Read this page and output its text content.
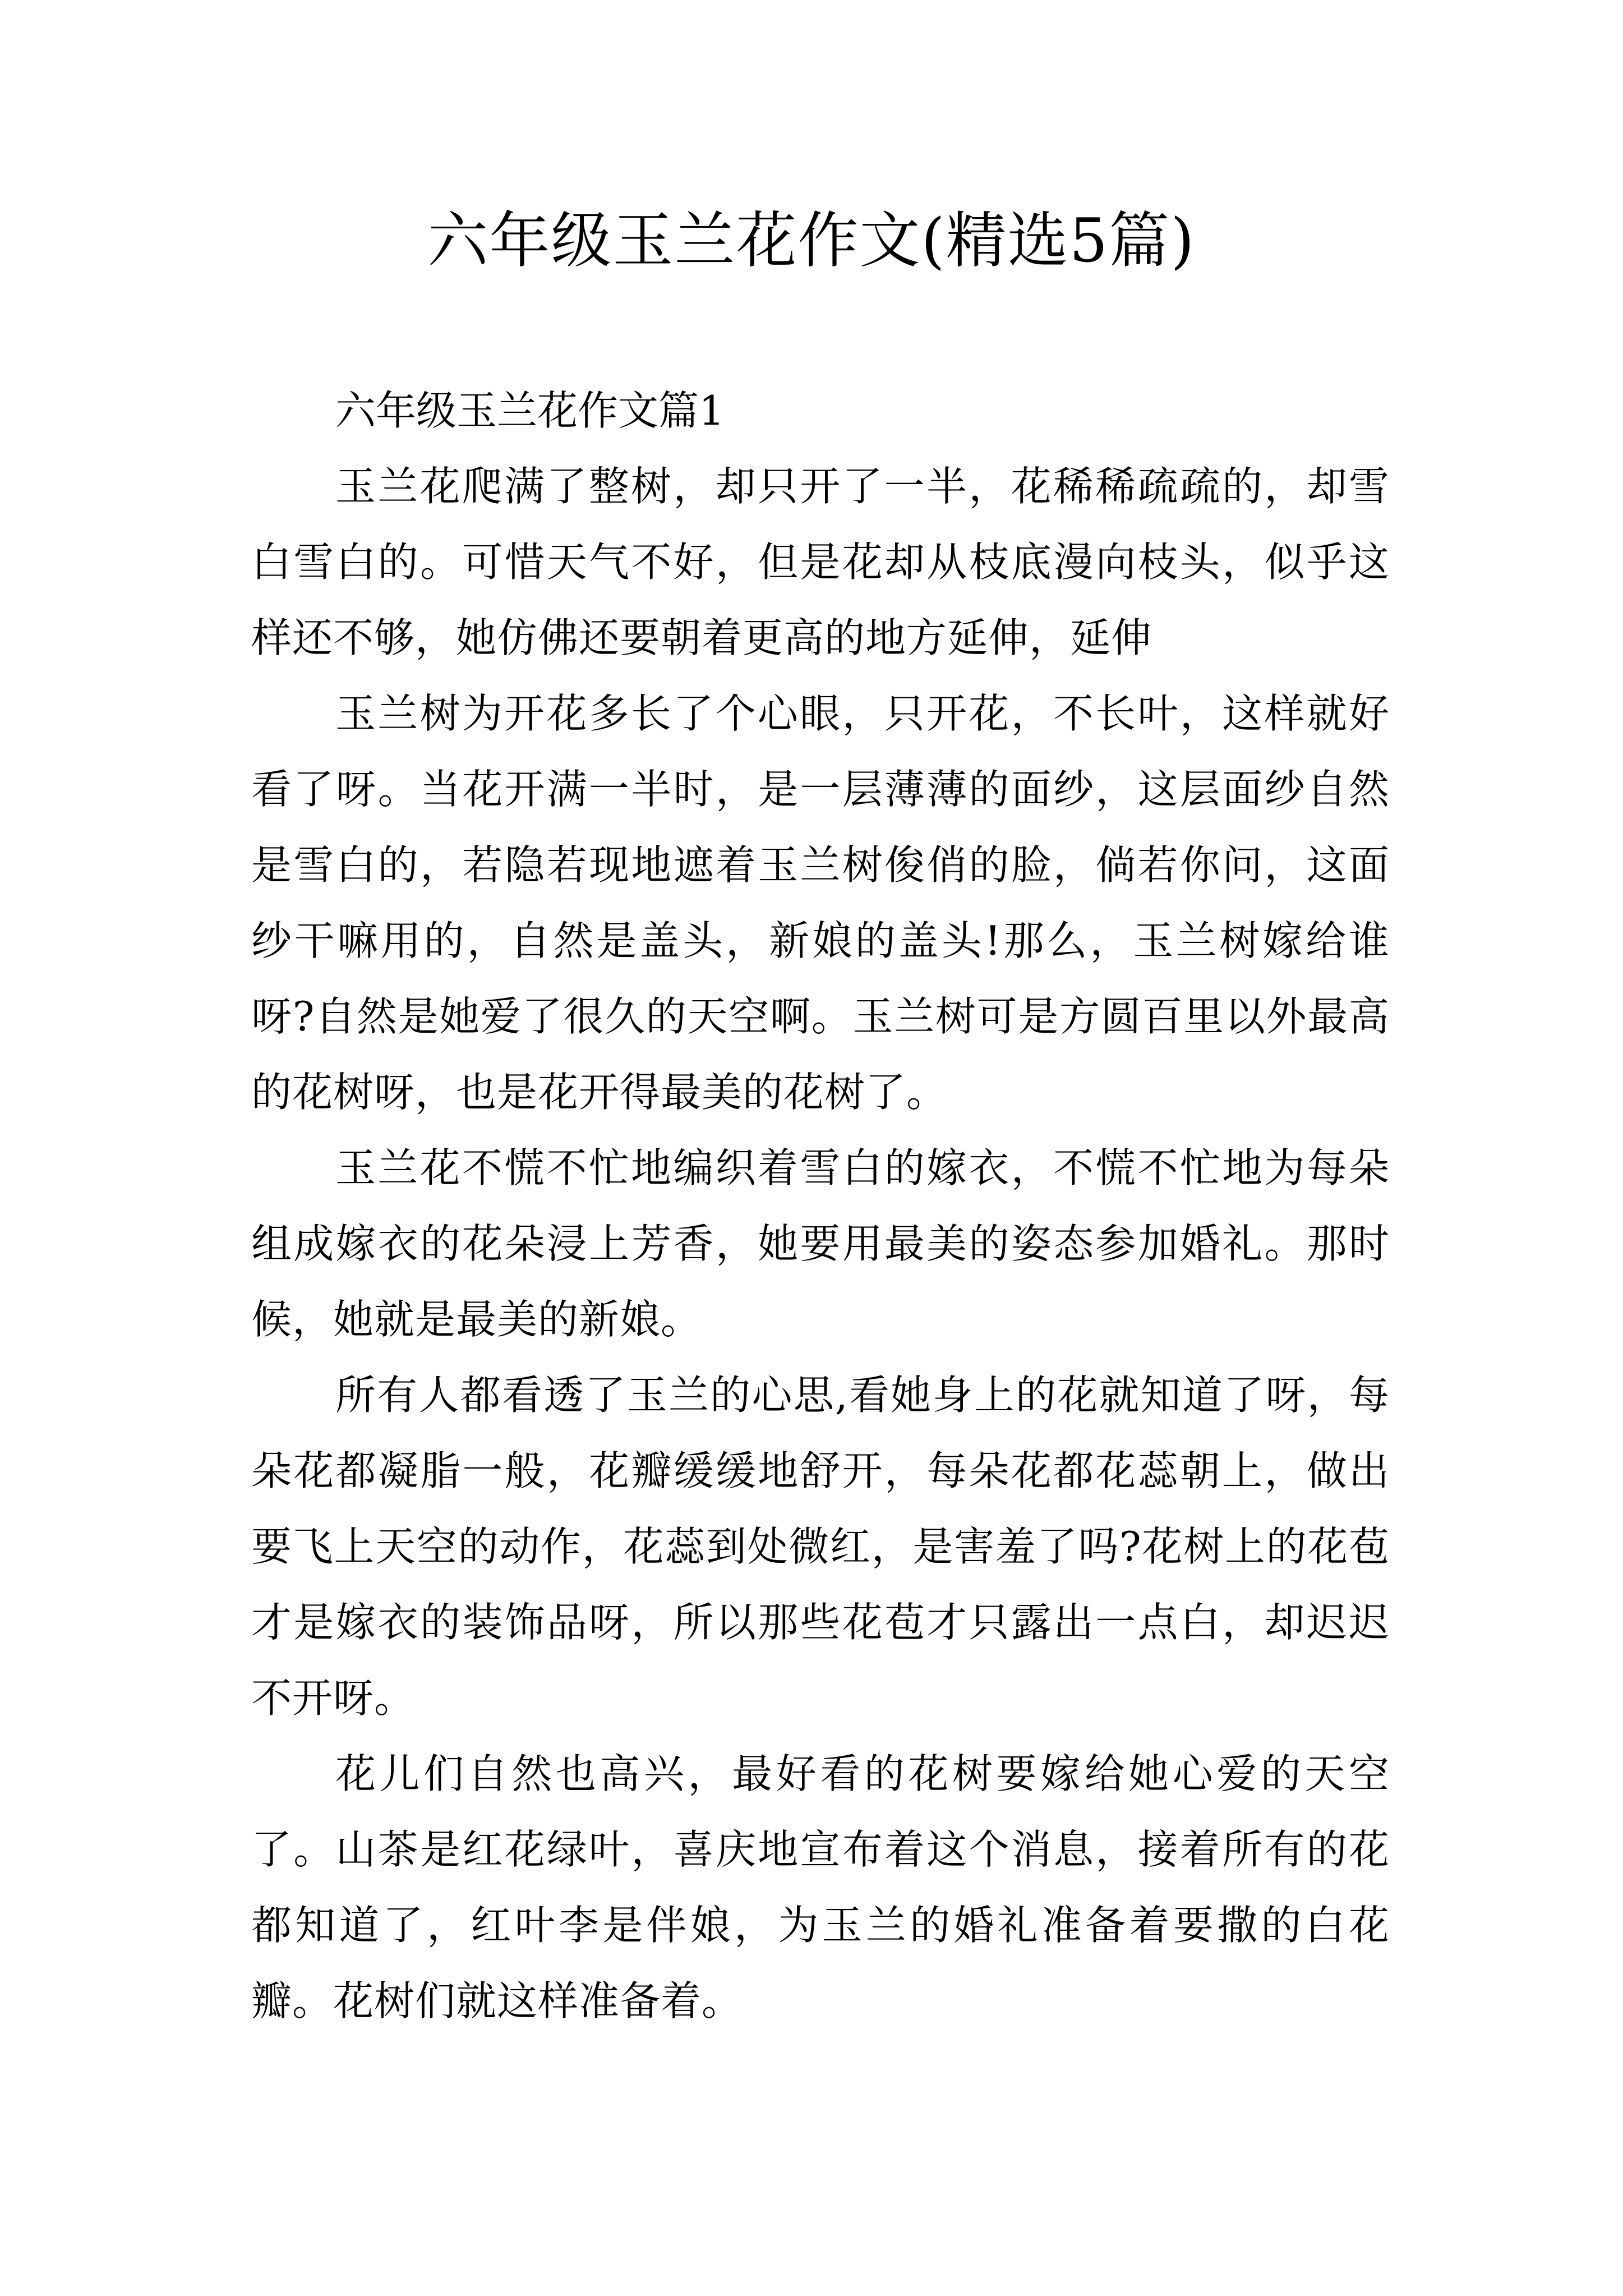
六年级玉兰花作文(精选5篇)
六年级玉兰花作文篇1

玉兰花爬满了整树，却只开了一半，花稀稀疏疏的，却雪白雪白的。可惜天气不好，但是花却从枝底漫向枝头，似乎这样还不够，她仿佛还要朝着更高的地方延伸，延伸

玉兰树为开花多长了个心眼，只开花，不长叶，这样就好看了呀。当花开满一半时，是一层薄薄的面纱，这层面纱自然是雪白的，若隐若现地遮着玉兰树俊俏的脸，倘若你问，这面纱干嘛用的，自然是盖头，新娘的盖头!那么，玉兰树嫁给谁呀?自然是她爱了很久的天空啊。玉兰树可是方圆百里以外最高的花树呀，也是花开得最美的花树了。

玉兰花不慌不忙地编织着雪白的嫁衣，不慌不忙地为每朵组成嫁衣的花朵浸上芳香，她要用最美的姿态参加婚礼。那时候，她就是最美的新娘。

所有人都看透了玉兰的心思,看她身上的花就知道了呀，每朵花都凝脂一般，花瓣缓缓地舒开，每朵花都花蕊朝上，做出要飞上天空的动作，花蕊到处微红，是害羞了吗?花树上的花苞才是嫁衣的装饰品呀，所以那些花苞才只露出一点白，却迟迟不开呀。

花儿们自然也高兴，最好看的花树要嫁给她心爱的天空了。山茶是红花绿叶，喜庆地宣布着这个消息，接着所有的花都知道了，红叶李是伴娘，为玉兰的婚礼准备着要撒的白花瓣。花树们就这样准备着。
